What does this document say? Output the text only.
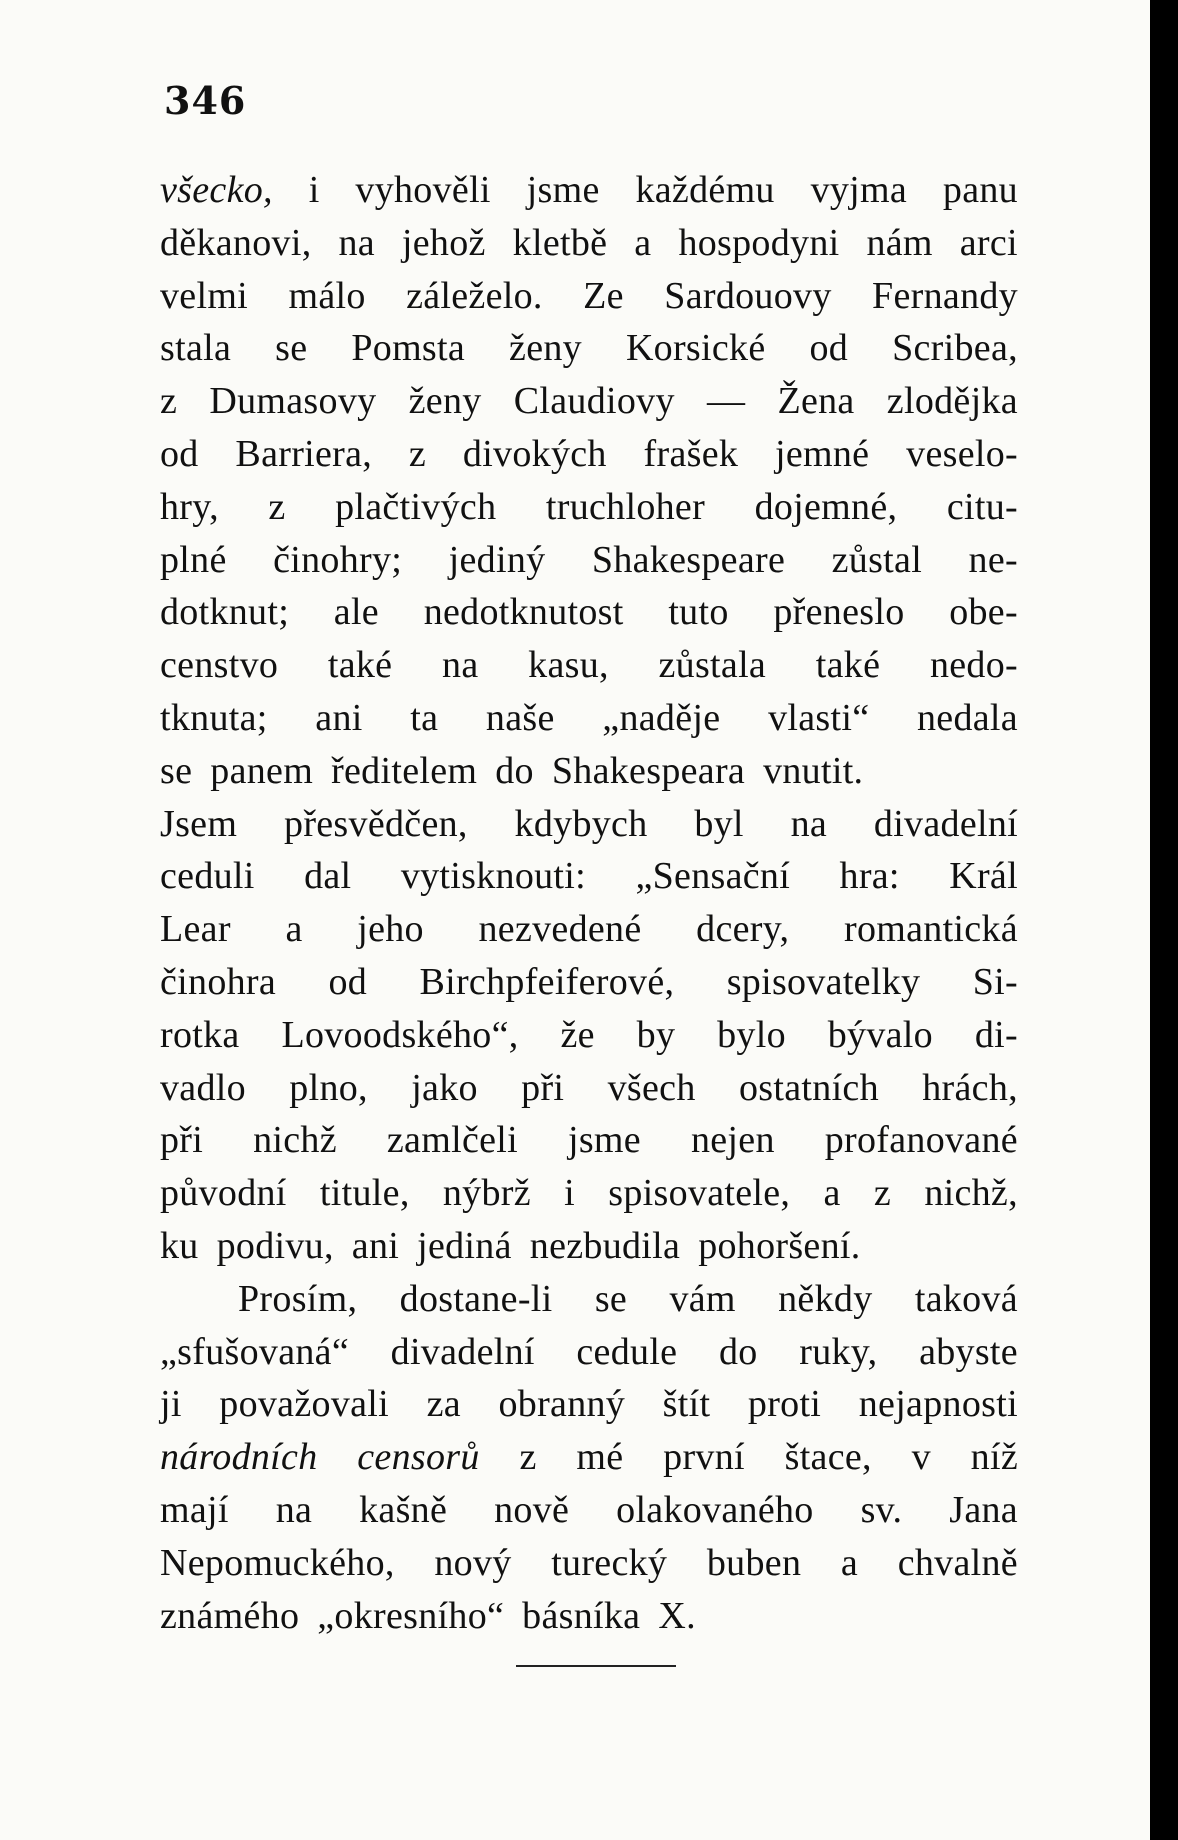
346
všecko, i vyhověli jsme každému vyjma panu
děkanovi, na jehož kletbě a hospodyni nám arci
velmi málo záleželo. Ze Sardouovy Fernandy
stala se Pomsta ženy Korsické od Scribea,
z Dumasovy ženy Claudiovy — Žena zlodějka
od Barriera, z divokých frašek jemné veselo-
hry, z plačtivých truchloher dojemné, citu-
plné činohry; jediný Shakespeare zůstal ne-
dotknut; ale nedotknutost tuto přeneslo obe-
censtvo také na kasu, zůstala také nedo-
tknuta; ani ta naše „naděje vlasti“ nedala
se panem ředitelem do Shakespeara vnutit.
Jsem přesvědčen, kdybych byl na divadelní
ceduli dal vytisknouti: „Sensační hra: Král
Lear a jeho nezvedené dcery, romantická
činohra od Birchpfeiferové, spisovatelky Si-
rotka Lovoodského“, že by bylo bývalo di-
vadlo plno, jako při všech ostatních hrách,
při nichž zamlčeli jsme nejen profanované
původní titule, nýbrž i spisovatele, a z nichž,
ku podivu, ani jediná nezbudila pohoršení.
Prosím, dostane-li se vám někdy taková
„sfušovaná“ divadelní cedule do ruky, abyste
ji považovali za obranný štít proti nejapnosti
národních censorů z mé první štace, v níž
mají na kašně nově olakovaného sv. Jana
Nepomuckého, nový turecký buben a chvalně
známého „okresního“ básníka X.
